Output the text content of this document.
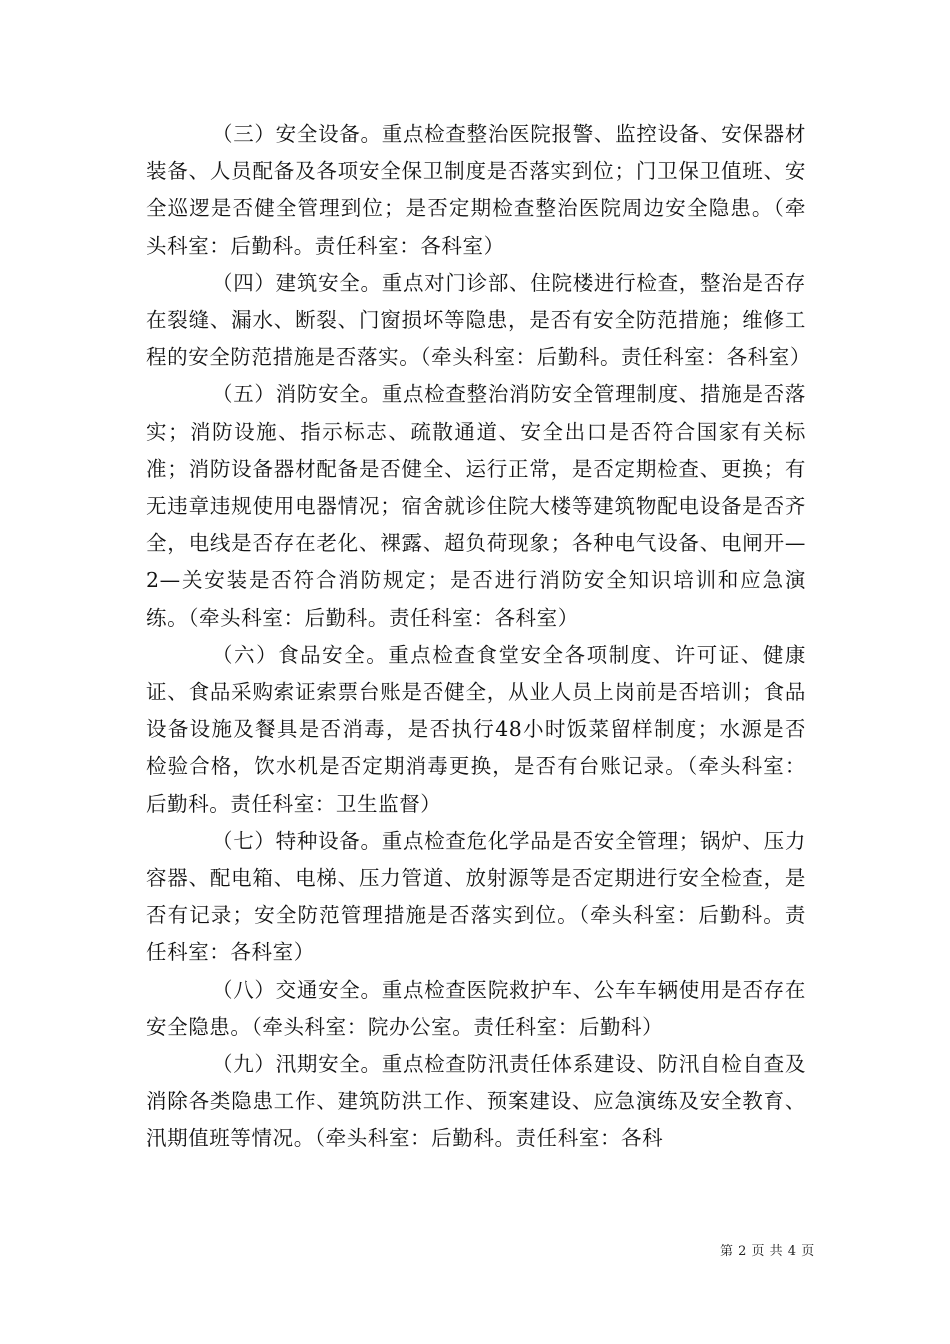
（三）安全设备。重点检查整治医院报警、监控设备、安保器材装备、人员配备及各项安全保卫制度是否落实到位；门卫保卫值班、安全巡逻是否健全管理到位；是否定期检查整治医院周边安全隐患。（牵头科室：后勤科。责任科室：各科室）

（四）建筑安全。重点对门诊部、住院楼进行检查，整治是否存在裂缝、漏水、断裂、门窗损坏等隐患，是否有安全防范措施；维修工程的安全防范措施是否落实。（牵头科室：后勤科。责任科室：各科室）

（五）消防安全。重点检查整治消防安全管理制度、措施是否落实；消防设施、指示标志、疏散通道、安全出口是否符合国家有关标准；消防设备器材配备是否健全、运行正常，是否定期检查、更换；有无违章违规使用电器情况；宿舍就诊住院大楼等建筑物配电设备是否齐全，电线是否存在老化、裸露、超负荷现象；各种电气设备、电闸开—2—关安装是否符合消防规定；是否进行消防安全知识培训和应急演练。（牵头科室：后勤科。责任科室：各科室）

（六）食品安全。重点检查食堂安全各项制度、许可证、健康证、食品采购索证索票台账是否健全，从业人员上岗前是否培训；食品设备设施及餐具是否消毒，是否执行48小时饭菜留样制度；水源是否检验合格，饮水机是否定期消毒更换，是否有台账记录。（牵头科室：后勤科。责任科室：卫生监督）

（七）特种设备。重点检查危化学品是否安全管理；锅炉、压力容器、配电箱、电梯、压力管道、放射源等是否定期进行安全检查，是否有记录；安全防范管理措施是否落实到位。（牵头科室：后勤科。责任科室：各科室）

（八）交通安全。重点检查医院救护车、公车车辆使用是否存在安全隐患。（牵头科室：院办公室。责任科室：后勤科）

（九）汛期安全。重点检查防汛责任体系建设、防汛自检自查及消除各类隐患工作、建筑防洪工作、预案建设、应急演练及安全教育、汛期值班等情况。（牵头科室：后勤科。责任科室：各科

第 2 页 共 4 页
